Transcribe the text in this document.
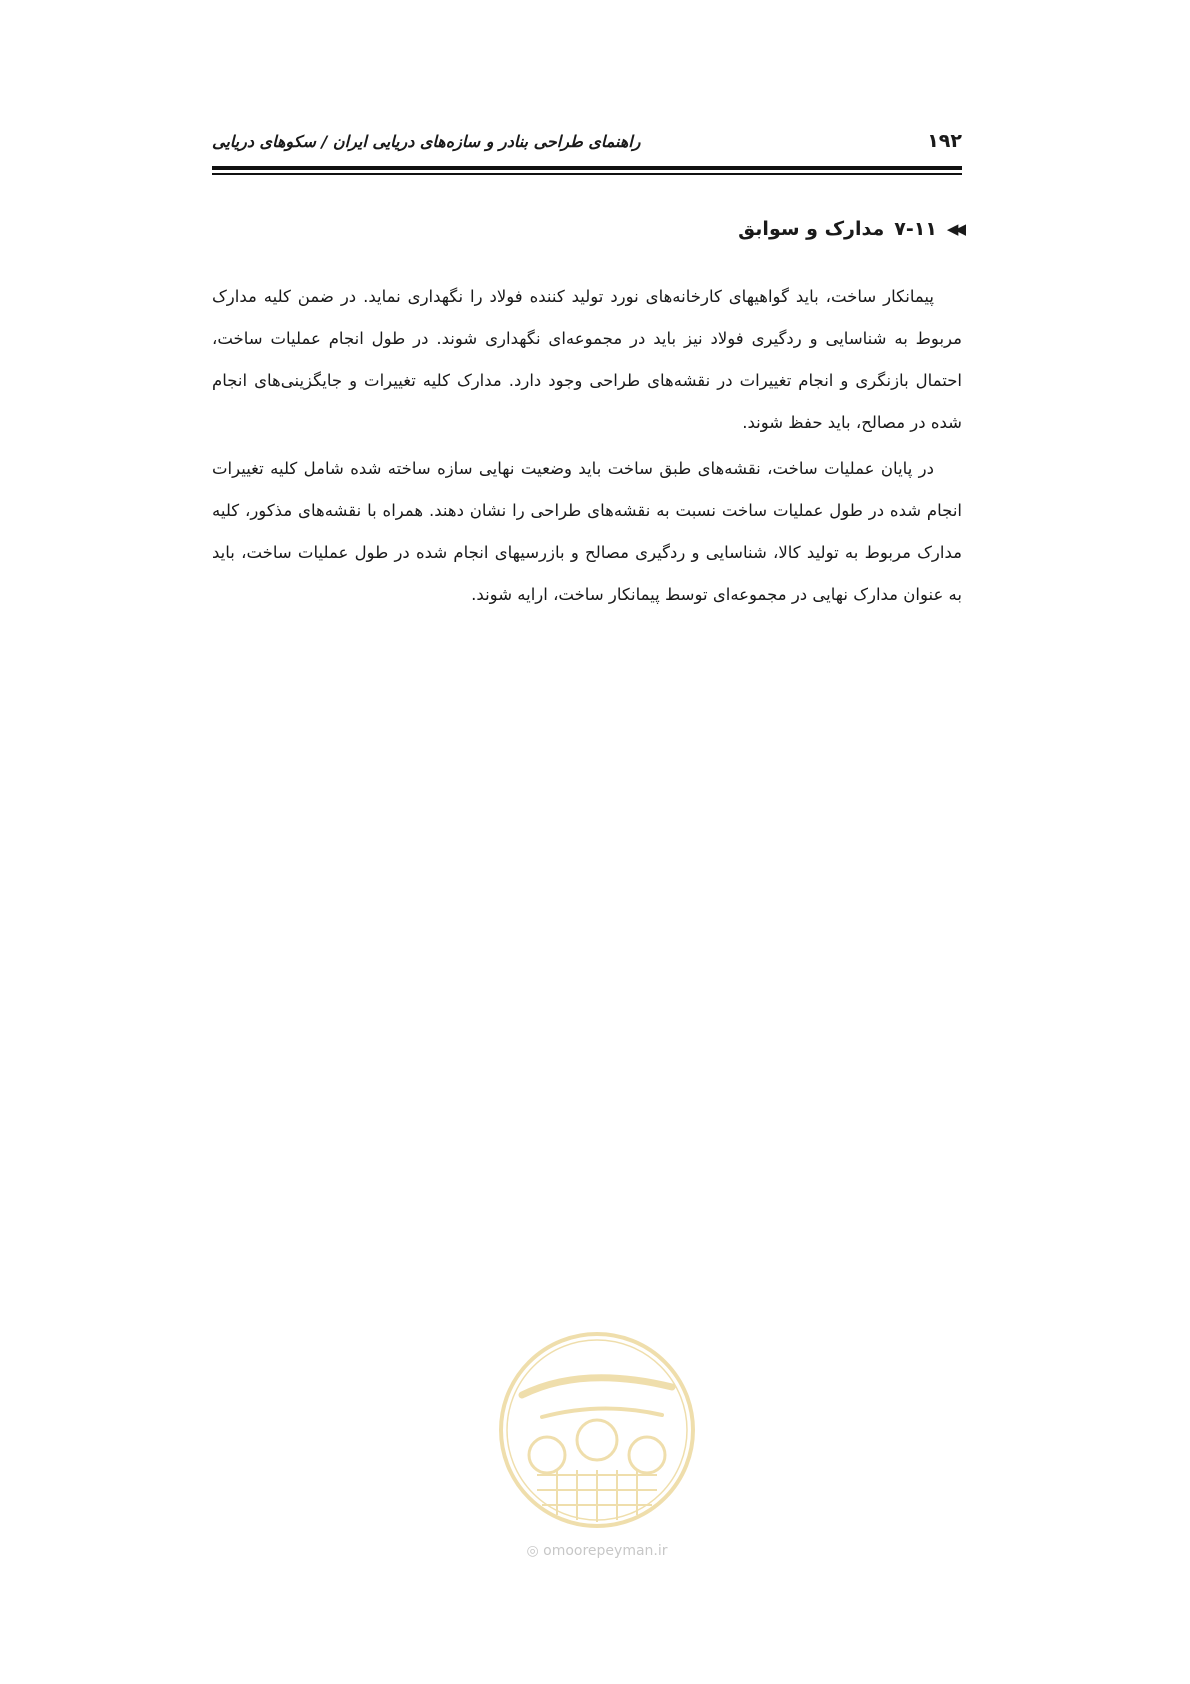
۱۹۲
راهنمای طراحی بنادر و سازه‌های دریایی ایران / سکوهای دریایی
◀◀
۷-۱۱
مدارک و سوابق

پیمانکار ساخت، باید گواهیهای کارخانه‌های نورد تولید کننده فولاد را نگهداری نماید. در ضمن کلیه مدارک مربوط به شناسایی و ردگیری فولاد نیز باید در مجموعه‌ای نگهداری شوند. در طول انجام عملیات ساخت، احتمال بازنگری و انجام تغییرات در نقشه‌های طراحی وجود دارد. مدارک کلیه تغییرات و جایگزینی‌های انجام شده در مصالح، باید حفظ شوند.

در پایان عملیات ساخت، نقشه‌های طبق ساخت باید وضعیت نهایی سازه ساخته شده شامل کلیه تغییرات انجام شده در طول عملیات ساخت نسبت به نقشه‌های طراحی را نشان دهند. همراه با نقشه‌های مذکور، کلیه مدارک مربوط به تولید کالا، شناسایی و ردگیری مصالح و بازرسیهای انجام شده در طول عملیات ساخت، باید به عنوان مدارک نهایی در مجموعه‌ای توسط پیمانکار ساخت، ارایه شوند.

◎ omoorepeyman.ir
